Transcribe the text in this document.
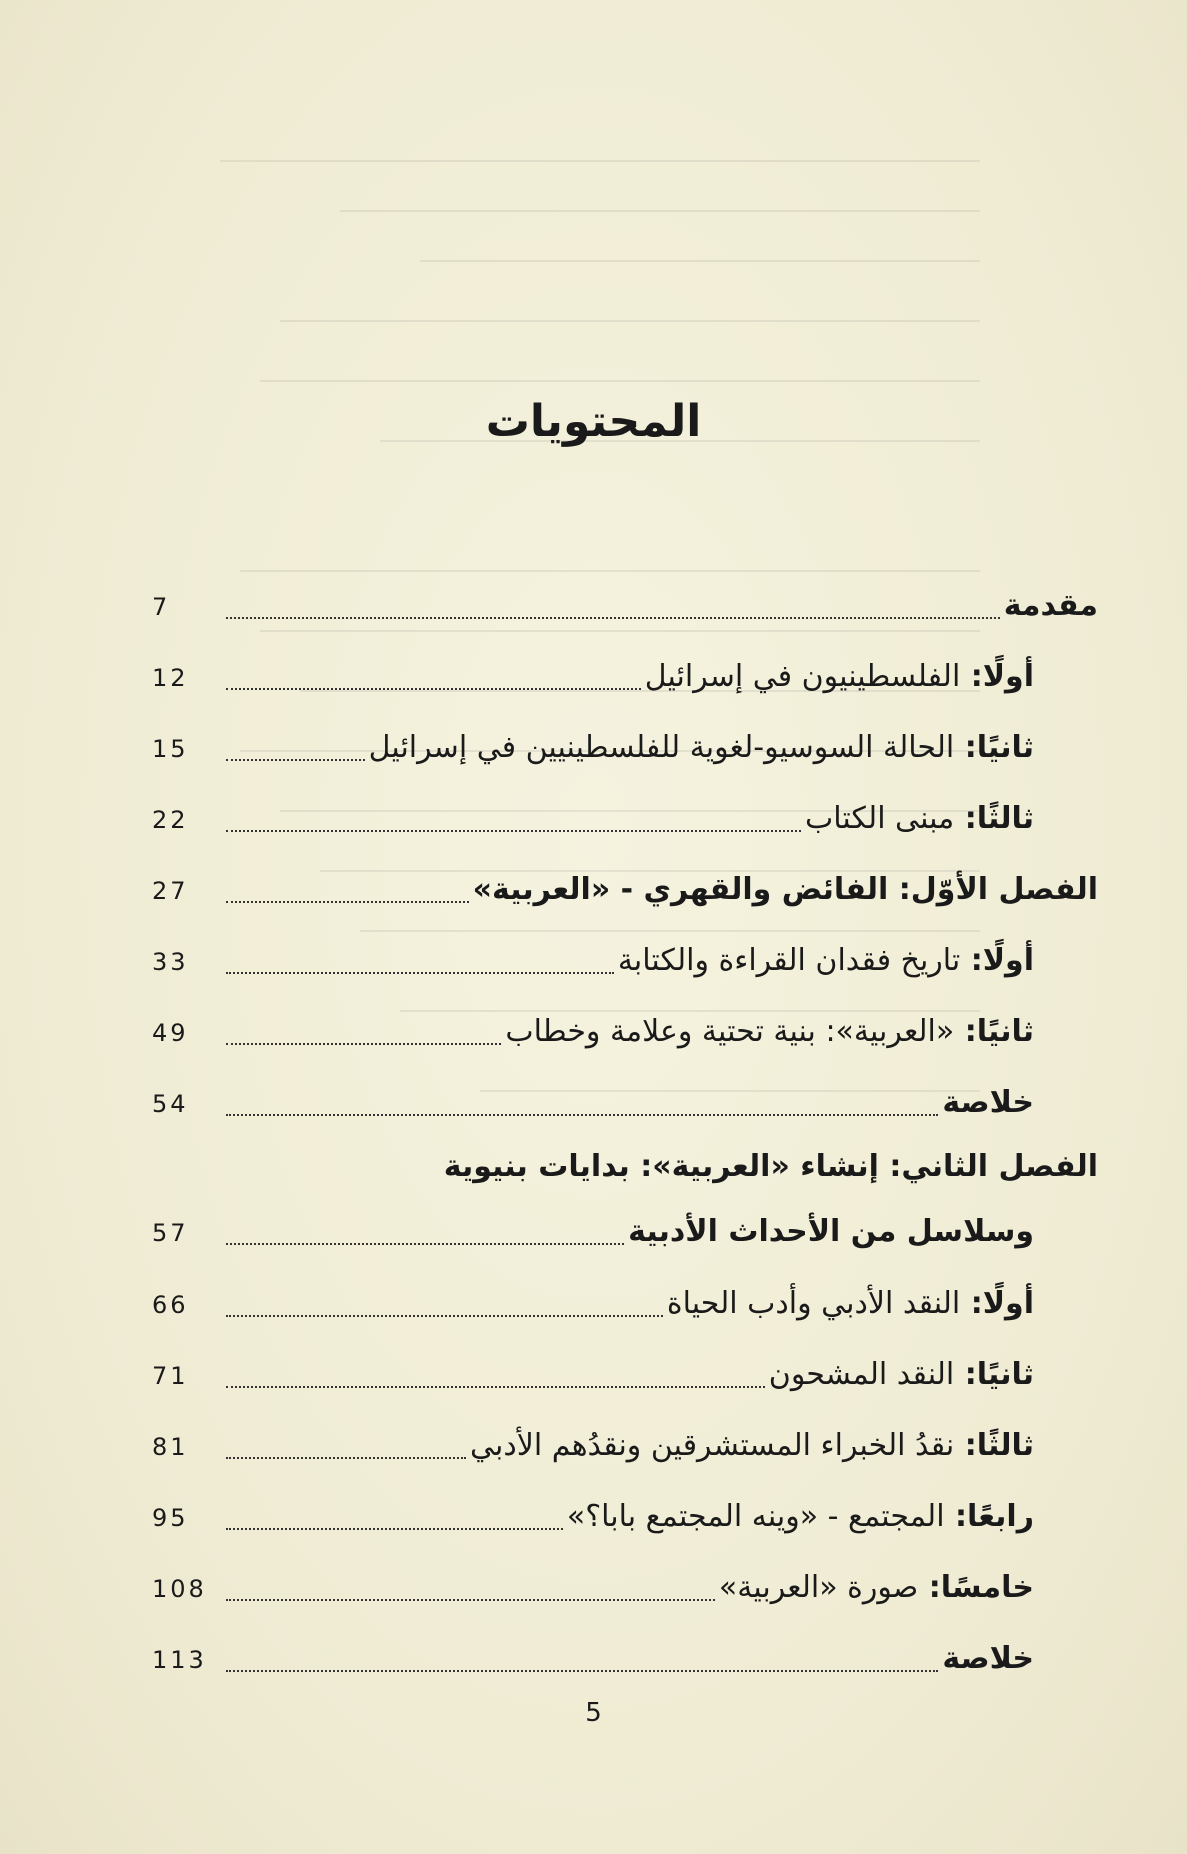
المحتويات
مقدمة
7
أولًا: الفلسطينيون في إسرائيل
12
ثانيًا: الحالة السوسيو-لغوية للفلسطينيين في إسرائيل
15
ثالثًا: مبنى الكتاب
22
الفصل الأوّل: الفائض والقهري - «العربية»
27
أولًا: تاريخ فقدان القراءة والكتابة
33
ثانيًا: «العربية»: بنية تحتية وعلامة وخطاب
49
خلاصة
54
الفصل الثاني: إنشاء «العربية»: بدايات بنيوية
وسلاسل من الأحداث الأدبية
57
أولًا: النقد الأدبي وأدب الحياة
66
ثانيًا: النقد المشحون
71
ثالثًا: نقدُ الخبراء المستشرقين ونقدُهم الأدبي
81
رابعًا: المجتمع - «وينه المجتمع بابا؟»
95
خامسًا: صورة «العربية»
108
خلاصة
113
5
